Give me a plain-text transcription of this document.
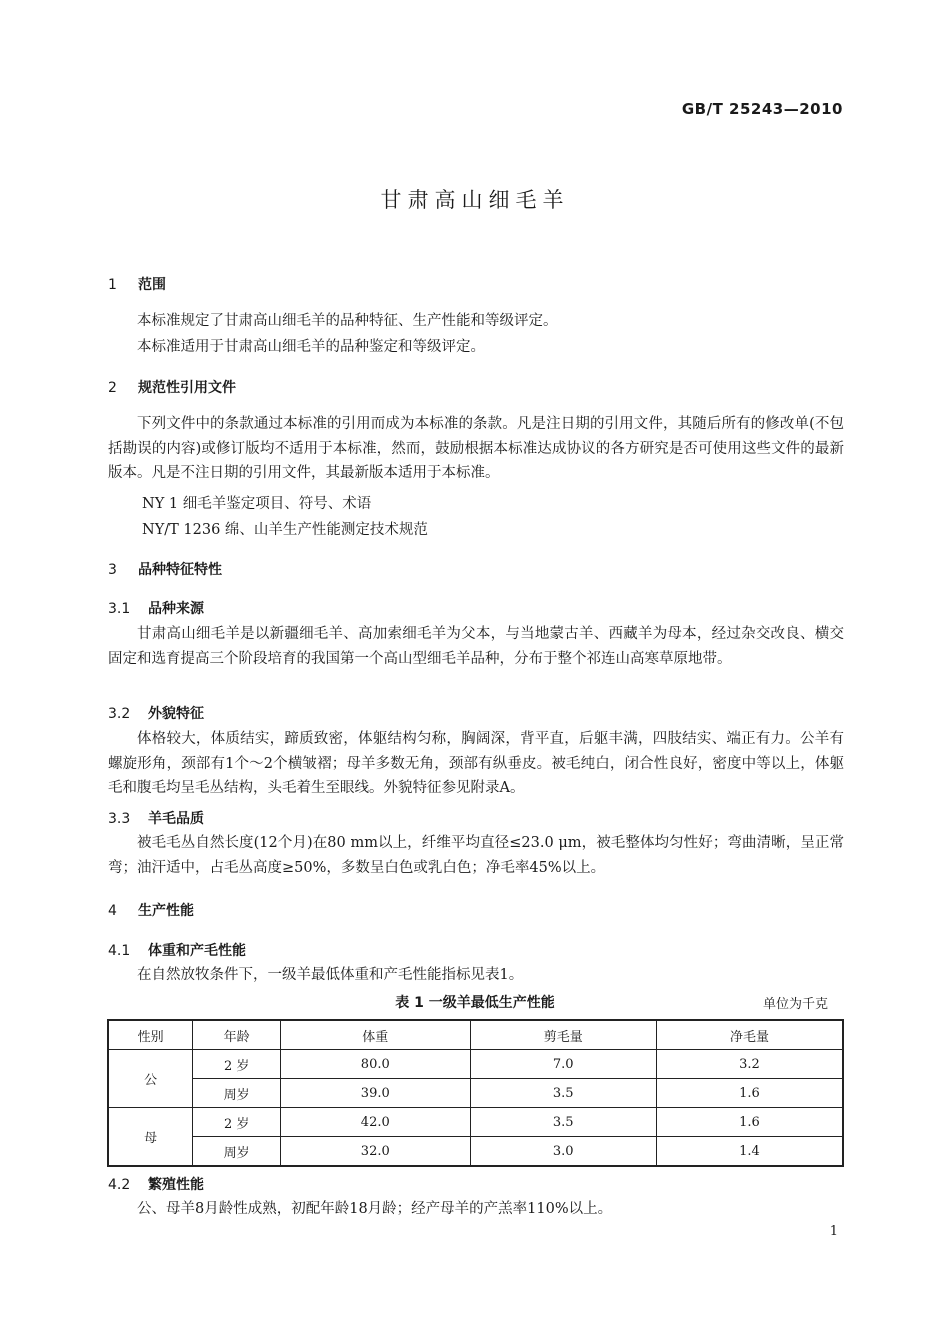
GB/T 25243—2010
甘肃高山细毛羊
1 范围
本标准规定了甘肃高山细毛羊的品种特征、生产性能和等级评定。
本标准适用于甘肃高山细毛羊的品种鉴定和等级评定。
2 规范性引用文件
下列文件中的条款通过本标准的引用而成为本标准的条款。凡是注日期的引用文件，其随后所有的修改单(不包括勘误的内容)或修订版均不适用于本标准，然而，鼓励根据本标准达成协议的各方研究是否可使用这些文件的最新版本。凡是不注日期的引用文件，其最新版本适用于本标准。
NY 1 细毛羊鉴定项目、符号、术语
NY/T 1236 绵、山羊生产性能测定技术规范
3 品种特征特性
3.1 品种来源
甘肃高山细毛羊是以新疆细毛羊、高加索细毛羊为父本，与当地蒙古羊、西藏羊为母本，经过杂交改良、横交固定和选育提高三个阶段培育的我国第一个高山型细毛羊品种，分布于整个祁连山高寒草原地带。
3.2 外貌特征
体格较大，体质结实，蹄质致密，体躯结构匀称，胸阔深，背平直，后躯丰满，四肢结实、端正有力。公羊有螺旋形角，颈部有1个～2个横皱褶；母羊多数无角，颈部有纵垂皮。被毛纯白，闭合性良好，密度中等以上，体躯毛和腹毛均呈毛丛结构，头毛着生至眼线。外貌特征参见附录A。
3.3 羊毛品质
被毛毛丛自然长度(12个月)在80 mm以上，纤维平均直径≤23.0 μm，被毛整体均匀性好；弯曲清晰，呈正常弯；油汗适中，占毛丛高度≥50%，多数呈白色或乳白色；净毛率45%以上。
4 生产性能
4.1 体重和产毛性能
在自然放牧条件下，一级羊最低体重和产毛性能指标见表1。
表 1 一级羊最低生产性能	单位为千克
性别	年龄	体重	剪毛量	净毛量
公	2 岁	80.0	7.0	3.2
	周岁	39.0	3.5	1.6
母	2 岁	42.0	3.5	1.6
	周岁	32.0	3.0	1.4
4.2 繁殖性能
公、母羊8月龄性成熟，初配年龄18月龄；经产母羊的产羔率110%以上。
1
